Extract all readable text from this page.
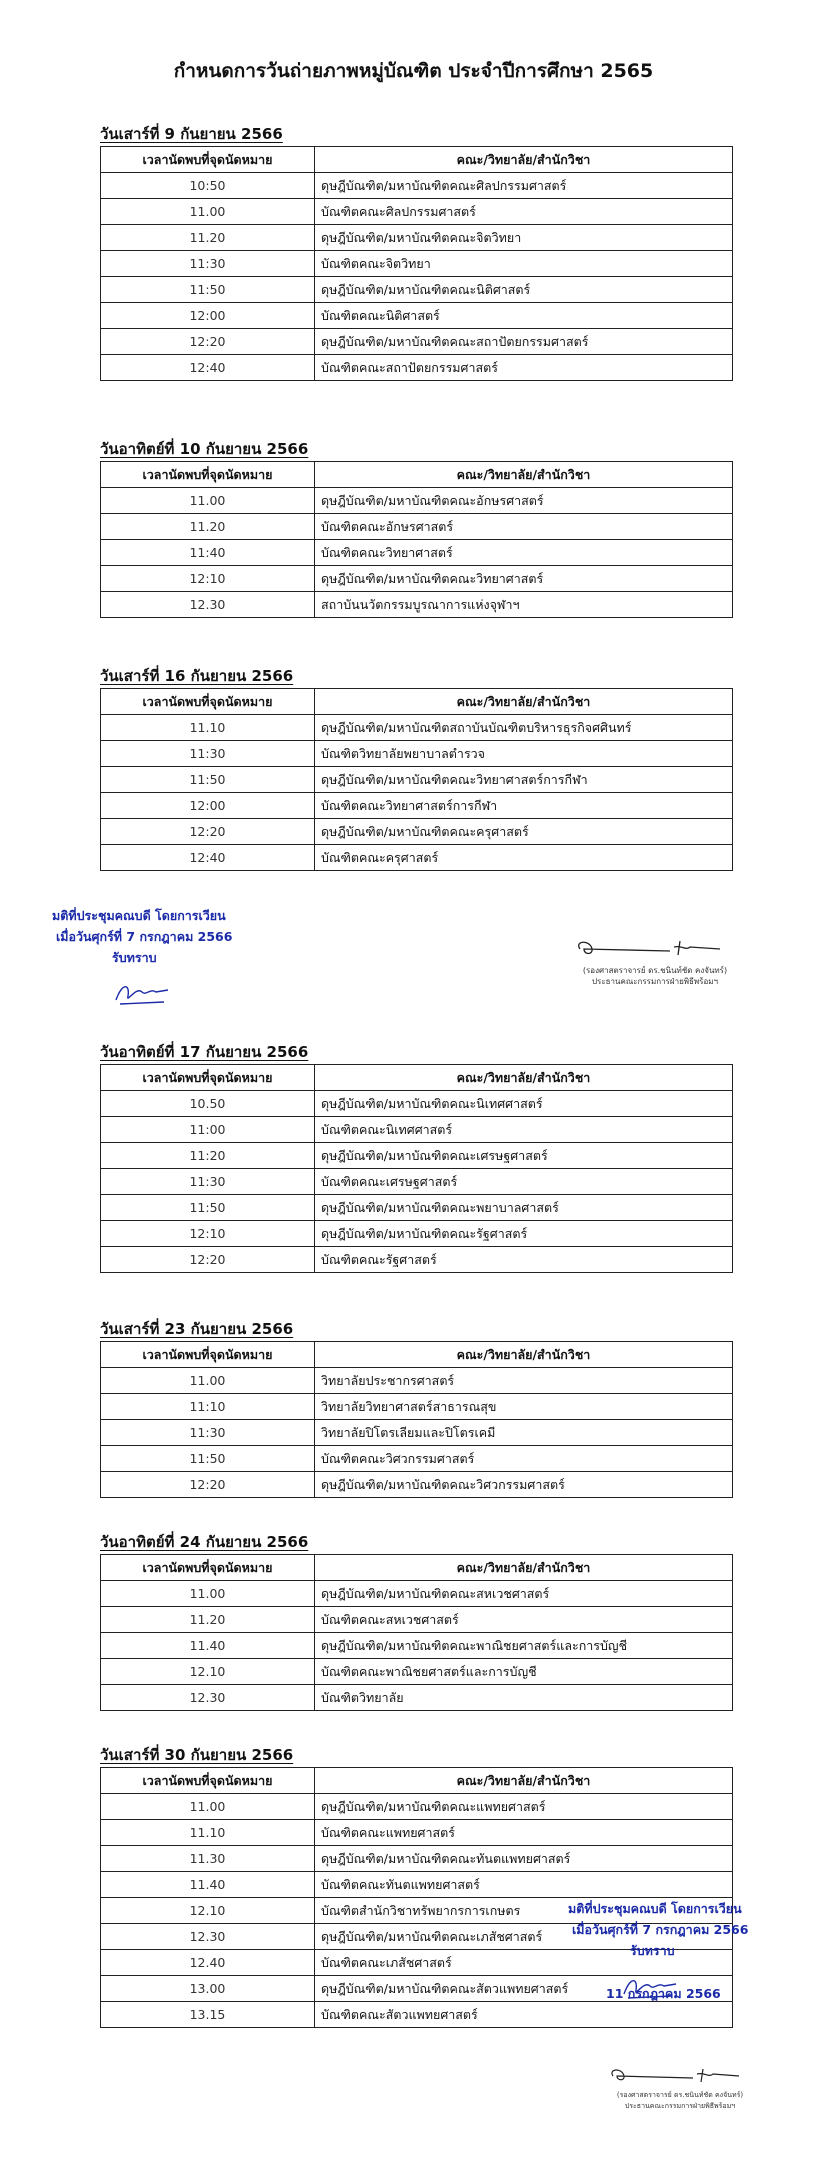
กำหนดการวันถ่ายภาพหมู่บัณฑิต ประจำปีการศึกษา 2565
วันเสาร์ที่ 9 กันยายน 2566
เวลานัดพบที่จุดนัดหมาย	คณะ/วิทยาลัย/สำนักวิชา
10:50	ดุษฎีบัณฑิต/มหาบัณฑิตคณะศิลปกรรมศาสตร์
11.00	บัณฑิตคณะศิลปกรรมศาสตร์
11.20	ดุษฎีบัณฑิต/มหาบัณฑิตคณะจิตวิทยา
11:30	บัณฑิตคณะจิตวิทยา
11:50	ดุษฎีบัณฑิต/มหาบัณฑิตคณะนิติศาสตร์
12:00	บัณฑิตคณะนิติศาสตร์
12:20	ดุษฎีบัณฑิต/มหาบัณฑิตคณะสถาปัตยกรรมศาสตร์
12:40	บัณฑิตคณะสถาปัตยกรรมศาสตร์
วันอาทิตย์ที่ 10 กันยายน 2566
เวลานัดพบที่จุดนัดหมาย	คณะ/วิทยาลัย/สำนักวิชา
11.00	ดุษฎีบัณฑิต/มหาบัณฑิตคณะอักษรศาสตร์
11.20	บัณฑิตคณะอักษรศาสตร์
11:40	บัณฑิตคณะวิทยาศาสตร์
12:10	ดุษฎีบัณฑิต/มหาบัณฑิตคณะวิทยาศาสตร์
12.30	สถาบันนวัตกรรมบูรณาการแห่งจุฬาฯ
วันเสาร์ที่ 16 กันยายน 2566
เวลานัดพบที่จุดนัดหมาย	คณะ/วิทยาลัย/สำนักวิชา
11.10	ดุษฎีบัณฑิต/มหาบัณฑิตสถาบันบัณฑิตบริหารธุรกิจศศินทร์
11:30	บัณฑิตวิทยาลัยพยาบาลตำรวจ
11:50	ดุษฎีบัณฑิต/มหาบัณฑิตคณะวิทยาศาสตร์การกีฬา
12:00	บัณฑิตคณะวิทยาศาสตร์การกีฬา
12:20	ดุษฎีบัณฑิต/มหาบัณฑิตคณะครุศาสตร์
12:40	บัณฑิตคณะครุศาสตร์
วันอาทิตย์ที่ 17 กันยายน 2566
เวลานัดพบที่จุดนัดหมาย	คณะ/วิทยาลัย/สำนักวิชา
10.50	ดุษฎีบัณฑิต/มหาบัณฑิตคณะนิเทศศาสตร์
11:00	บัณฑิตคณะนิเทศศาสตร์
11:20	ดุษฎีบัณฑิต/มหาบัณฑิตคณะเศรษฐศาสตร์
11:30	บัณฑิตคณะเศรษฐศาสตร์
11:50	ดุษฎีบัณฑิต/มหาบัณฑิตคณะพยาบาลศาสตร์
12:10	ดุษฎีบัณฑิต/มหาบัณฑิตคณะรัฐศาสตร์
12:20	บัณฑิตคณะรัฐศาสตร์
วันเสาร์ที่ 23 กันยายน 2566
เวลานัดพบที่จุดนัดหมาย	คณะ/วิทยาลัย/สำนักวิชา
11.00	วิทยาลัยประชากรศาสตร์
11:10	วิทยาลัยวิทยาศาสตร์สาธารณสุข
11:30	วิทยาลัยปิโตรเลียมและปิโตรเคมี
11:50	บัณฑิตคณะวิศวกรรมศาสตร์
12:20	ดุษฎีบัณฑิต/มหาบัณฑิตคณะวิศวกรรมศาสตร์
วันอาทิตย์ที่ 24 กันยายน 2566
เวลานัดพบที่จุดนัดหมาย	คณะ/วิทยาลัย/สำนักวิชา
11.00	ดุษฎีบัณฑิต/มหาบัณฑิตคณะสหเวชศาสตร์
11.20	บัณฑิตคณะสหเวชศาสตร์
11.40	ดุษฎีบัณฑิต/มหาบัณฑิตคณะพาณิชยศาสตร์และการบัญชี
12.10	บัณฑิตคณะพาณิชยศาสตร์และการบัญชี
12.30	บัณฑิตวิทยาลัย
วันเสาร์ที่ 30 กันยายน 2566
เวลานัดพบที่จุดนัดหมาย	คณะ/วิทยาลัย/สำนักวิชา
11.00	ดุษฎีบัณฑิต/มหาบัณฑิตคณะแพทยศาสตร์
11.10	บัณฑิตคณะแพทยศาสตร์
11.30	ดุษฎีบัณฑิต/มหาบัณฑิตคณะทันตแพทยศาสตร์
11.40	บัณฑิตคณะทันตแพทยศาสตร์
12.10	บัณฑิตสำนักวิชาทรัพยากรการเกษตร
12.30	ดุษฎีบัณฑิต/มหาบัณฑิตคณะเภสัชศาสตร์
12.40	บัณฑิตคณะเภสัชศาสตร์
13.00	ดุษฎีบัณฑิต/มหาบัณฑิตคณะสัตวแพทยศาสตร์
13.15	บัณฑิตคณะสัตวแพทยศาสตร์
มติที่ประชุมคณบดี โดยการเวียน
เมื่อวันศุกร์ที่ 7 กรกฎาคม 2566
รับทราบ
(รองศาสตราจารย์ ดร.ชนินท์ชัด คงจันทร์)
ประธานคณะกรรมการฝ่ายพิธีพร้อมฯ
มติที่ประชุมคณบดี โดยการเวียน
เมื่อวันศุกร์ที่ 7 กรกฎาคม 2566
รับทราบ
11 กรกฎาคม 2566
(รองศาสตราจารย์ ดร.ชนินท์ชัด คงจันทร์)
ประธานคณะกรรมการฝ่ายพิธีพร้อมฯ
